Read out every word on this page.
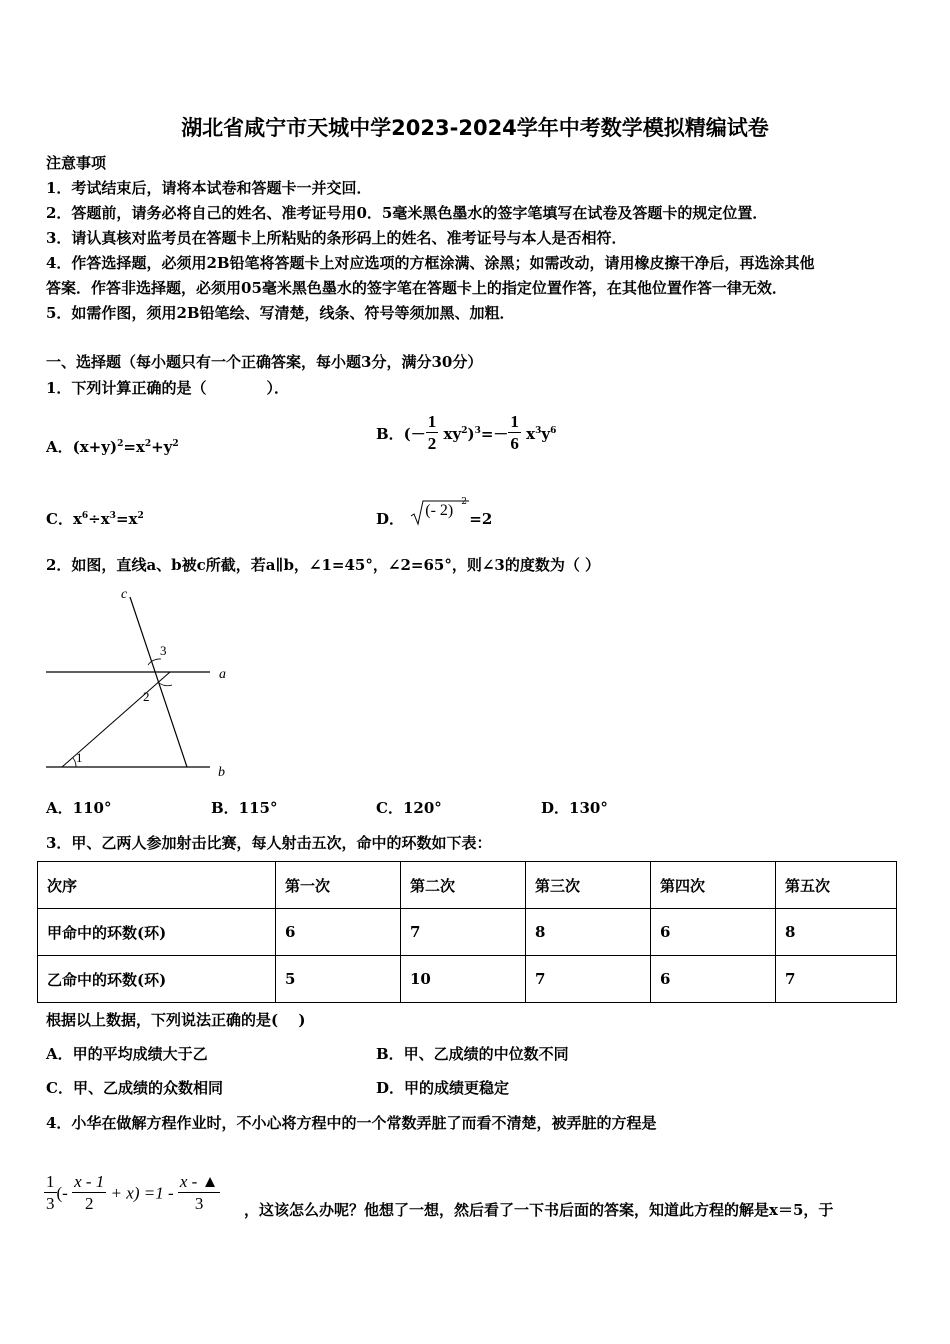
湖北省咸宁市天城中学2023-2024学年中考数学模拟精编试卷
注意事项
1．考试结束后，请将本试卷和答题卡一并交回．
2．答题前，请务必将自己的姓名、准考证号用0．5毫米黑色墨水的签字笔填写在试卷及答题卡的规定位置．
3．请认真核对监考员在答题卡上所粘贴的条形码上的姓名、准考证号与本人是否相符．
4．作答选择题，必须用2B铅笔将答题卡上对应选项的方框涂满、涂黑；如需改动，请用橡皮擦干净后，再选涂其他
答案．作答非选择题，必须用05毫米黑色墨水的签字笔在答题卡上的指定位置作答，在其他位置作答一律无效．
5．如需作图，须用2B铅笔绘、写清楚，线条、符号等须加黑、加粗．
一、选择题（每小题只有一个正确答案，每小题3分，满分30分）
1．下列计算正确的是（　　　　）．
A．$(x+y)^2=x^2+y^2$
B．(－ $\frac{1}{2} xy^2)^3=- \frac{1}{6} x^3y^6$
C．$x^6\div x^3=x^2$	D． (- 2) 2
=2
2．如图，直线a、b被c所截，若a∥b，∠1=45°，∠2=65°，则∠3的度数为（ ）
c
a
b
1
2
3
A．110°	B．115°	C．120°	D．130°
3．甲、乙两人参加射击比赛，每人射击五次，命中的环数如下表：
次序	第一次	第二次	第三次	第四次	第五次
甲命中的环数(环)	6	7	8	6	8
乙命中的环数(环)	5	10	7	6	7
根据以上数据，下列说法正确的是(　 )
A．甲的平均成绩大于乙	B．甲、乙成绩的中位数不同
C．甲、乙成绩的众数相同	D．甲的成绩更稳定
4．小华在做解方程作业时，不小心将方程中的一个常数弄脏了而看不清楚，被弄脏的方程是
$\frac{1}{3}$ (- $\frac{x - 1}{2} + x) =1 - \frac{x - ▲}{3}$ ，这该怎么办呢？他想了一想，然后看了一下书后面的答案，知道此方程的解是x＝5，于
